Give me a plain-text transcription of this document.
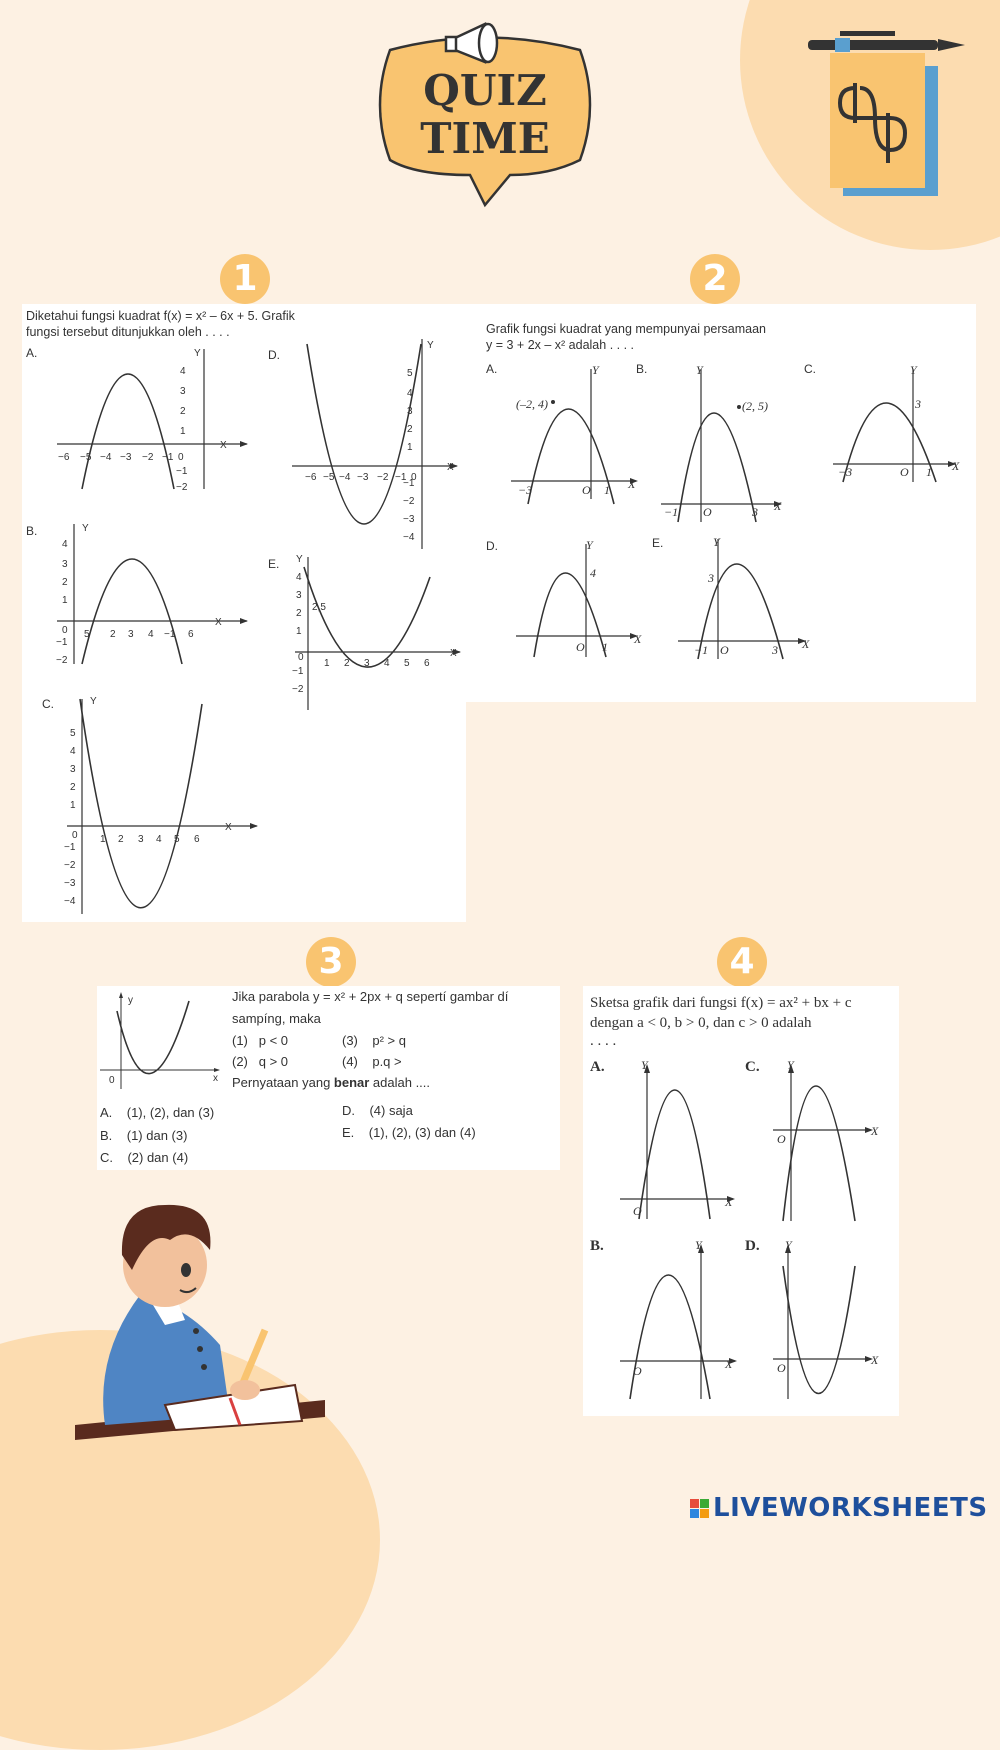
QUIZ
TIME
1	2
3	4
Diketahui fungsi kuadrat f(x) = x² – 6x + 5. Grafik
fungsi tersebut ditunjukkan oleh . . . .
A.	D.
B.
E.
C.
X
Y
−6 −5 −4 −3 −2 −1 0
4
3
2
1
−1
−2
X
Y
−6 −5 −4 −3 −2 −1 0
5
4
3
2
1
−1
−2
−3
−4
Y
X
4
3
2
1
0
−1
−2
5 2 3 4 −1 6
Y
X
2,5
4
3
2
1
0
−1
−2
1 2 3 4 5 6
Y
X
5
4
3
2
1
0
−1
−2
−3
−4
1 2 3 4 5 6
Grafik fungsi kuadrat yang mempunyai persamaan
y = 3 + 2x – x² adalah . . . .
A.	B.	C.
D.	E.
X
Y
(–2, 4)
−3	O 1
X
Y
(2, 5)
−1 O	3
X
Y
3
−3	O 1
X
Y
4
O 1	X
Y
3
−1 O	3
y
x
0
Jika parabola y = x² + 2px + q sepertí gambar dí
sampíng, maka
(1) p < 0	(3) p² > q
(2) q > 0	(4) p.q >
Pernyataan yang benar adalah ....
A. (1), (2), dan (3)
B. (1) dan (3)
C. (2) dan (4)
D. (4) saja
E. (1), (2), (3) dan (4)
Sketsa grafik dari fungsi f(x) = ax² + bx + c
dengan a < 0, b > 0, dan c > 0 adalah
. . . .
A.	C.
B.	D.
Y
X
O
Y
X
O
Y
X
O
Y
X
O
LIVEWORKSHEETS
